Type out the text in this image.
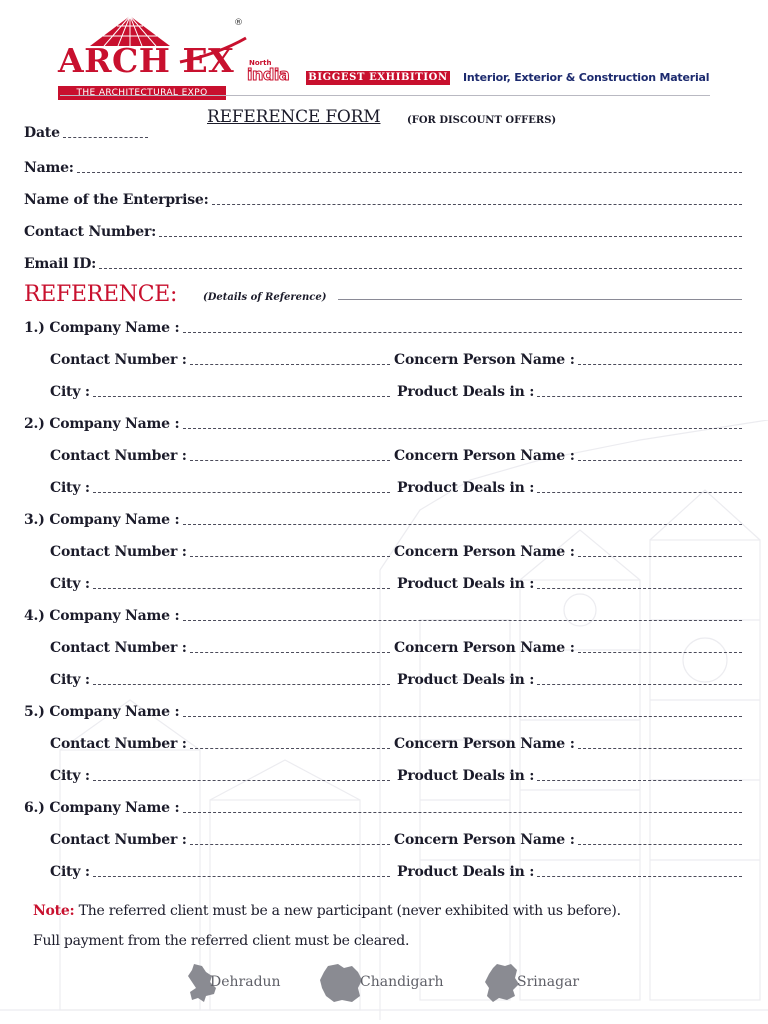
ARCH EX
®
THE ARCHITECTURAL EXPO
North
india BIGGEST EXHIBITION Interior, Exterior & Construction Material
REFERENCE FORM	(FOR DISCOUNT OFFERS)
Date
Name:
Name of the Enterprise:
Contact Number:
Email ID:
REFERENCE:	(Details of Reference)
1.) Company Name :
Contact Number :	Concern Person Name :
City :	Product Deals in :
2.) Company Name :
Contact Number :	Concern Person Name :
City :	Product Deals in :
3.) Company Name :
Contact Number :	Concern Person Name :
City :	Product Deals in :
4.) Company Name :
Contact Number :	Concern Person Name :
City :	Product Deals in :
5.) Company Name :
Contact Number :	Concern Person Name :
City :	Product Deals in :
6.) Company Name :
Contact Number :	Concern Person Name :
City :	Product Deals in :
Note: The referred client must be a new participant (never exhibited with us before).
Full payment from the referred client must be cleared.
Dehradun	Chandigarh	Srinagar
